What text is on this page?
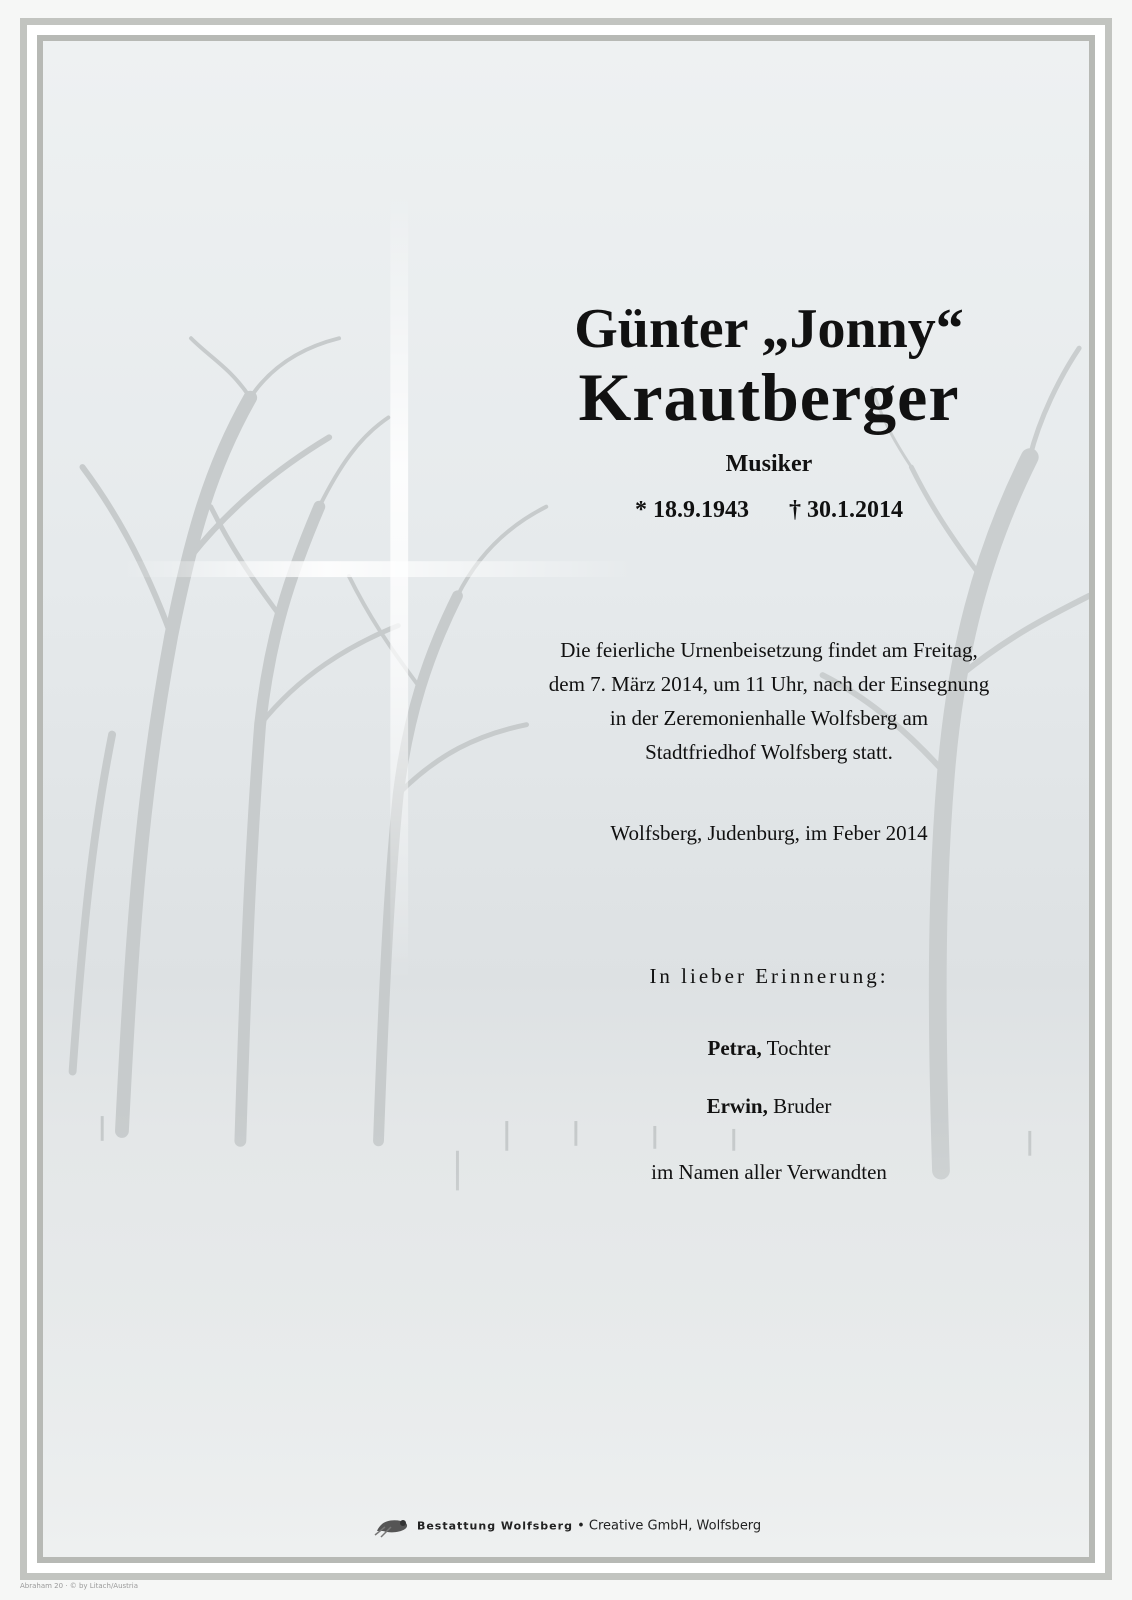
Günter „Jonny“
Krautberger
Musiker
* 18.9.1943 † 30.1.2014
Die feierliche Urnenbeisetzung findet am Freitag,
dem 7. März 2014, um 11 Uhr, nach der Einsegnung
in der Zeremonienhalle Wolfsberg am
Stadtfriedhof Wolfsberg statt.
Wolfsberg, Judenburg, im Feber 2014
In lieber Erinnerung:
Petra, Tochter
Erwin, Bruder
im Namen aller Verwandten
Bestattung Wolfsberg • Creative GmbH, Wolfsberg
Abraham 20 · © by Litach/Austria
